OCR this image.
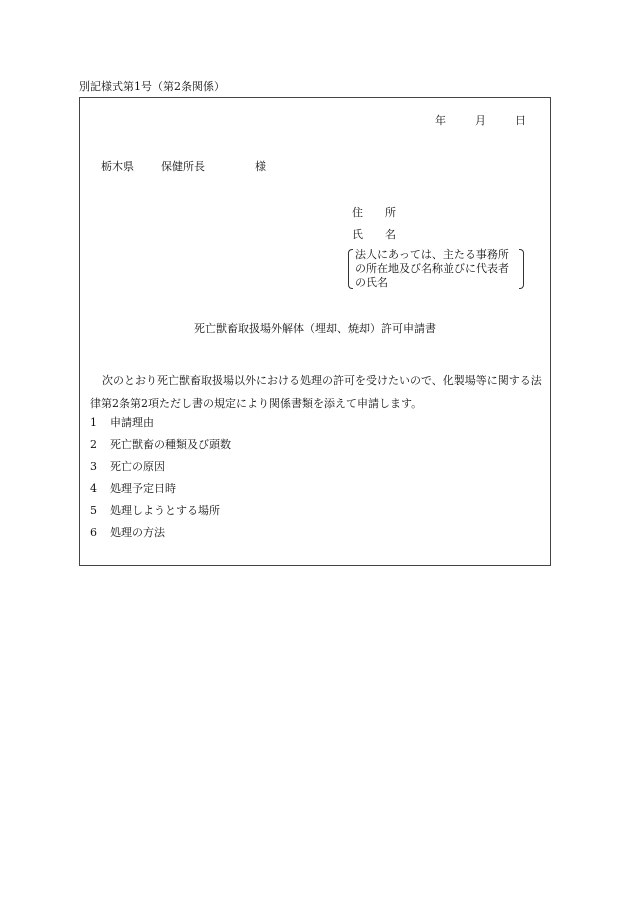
別記様式第1号（第2条関係）
年	月	日
栃木県 保健所長	様
住　　所
氏　　名
法人にあっては、主たる事務所
の所在地及び名称並びに代表者
の氏名
死亡獣畜取扱場外解体（埋却、焼却）許可申請書

次のとおり死亡獣畜取扱場以外における処理の許可を受けたいので、化製場等に関する法律第2条第2項ただし書の規定により関係書類を添えて申請します。

1 申請理由
2 死亡獣畜の種類及び頭数
3 死亡の原因
4 処理予定日時
5 処理しようとする場所
6 処理の方法
